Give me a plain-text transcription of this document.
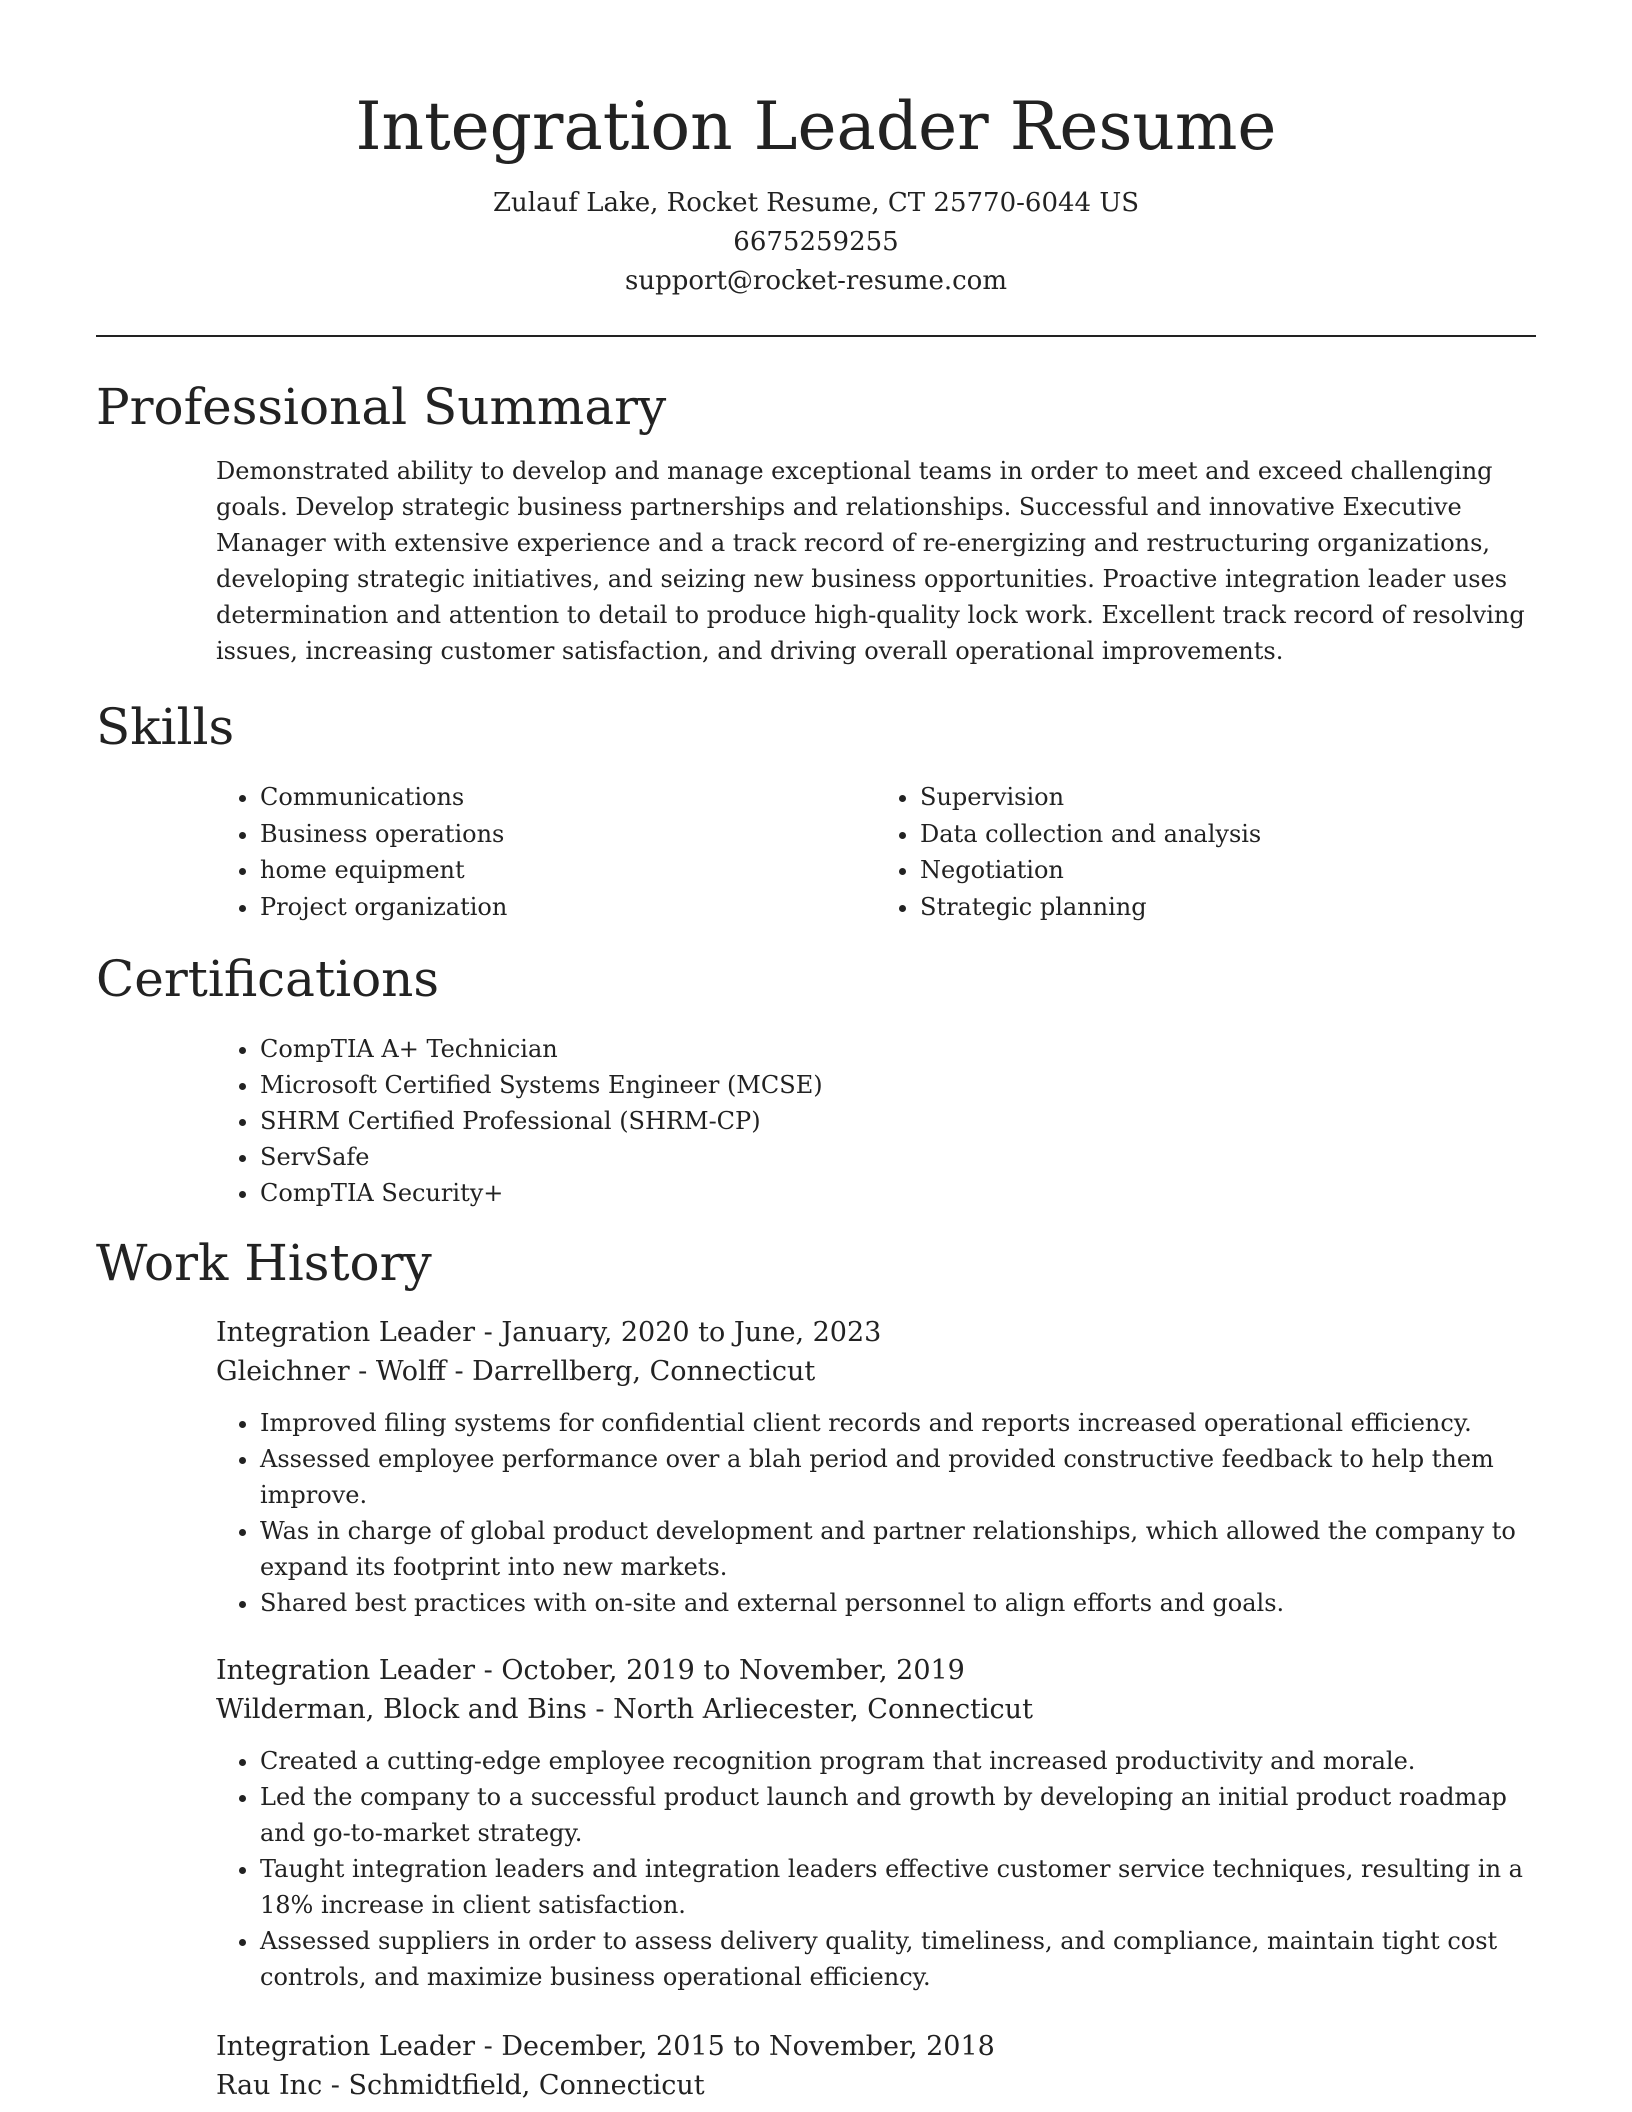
Integration Leader Resume

Zulauf Lake, Rocket Resume, CT 25770-6044 US

6675259255

support@rocket-resume.com

Professional Summary

Demonstrated ability to develop and manage exceptional teams in order to meet and exceed challenging goals. Develop strategic business partnerships and relationships. Successful and innovative Executive Manager with extensive experience and a track record of re-energizing and restructuring organizations, developing strategic initiatives, and seizing new business opportunities. Proactive integration leader uses determination and attention to detail to produce high-quality lock work. Excellent track record of resolving issues, increasing customer satisfaction, and driving overall operational improvements.

Skills
• Communications
• Business operations
• home equipment
• Project organization
• Supervision
• Data collection and analysis
• Negotiation
• Strategic planning
Certifications
• CompTIA A+ Technician
• Microsoft Certified Systems Engineer (MCSE)
• SHRM Certified Professional (SHRM-CP)
• ServSafe
• CompTIA Security+
Work History

Integration Leader - January, 2020 to June, 2023

Gleichner - Wolff - Darrellberg, Connecticut

• Improved filing systems for confidential client records and reports increased operational efficiency.
• Assessed employee performance over a blah period and provided constructive feedback to help them improve.
• Was in charge of global product development and partner relationships, which allowed the company to expand its footprint into new markets.
• Shared best practices with on-site and external personnel to align efforts and goals.

Integration Leader - October, 2019 to November, 2019

Wilderman, Block and Bins - North Arliecester, Connecticut

• Created a cutting-edge employee recognition program that increased productivity and morale.
• Led the company to a successful product launch and growth by developing an initial product roadmap and go-to-market strategy.
• Taught integration leaders and integration leaders effective customer service techniques, resulting in a 18% increase in client satisfaction.
• Assessed suppliers in order to assess delivery quality, timeliness, and compliance, maintain tight cost controls, and maximize business operational efficiency.

Integration Leader - December, 2015 to November, 2018

Rau Inc - Schmidtfield, Connecticut
